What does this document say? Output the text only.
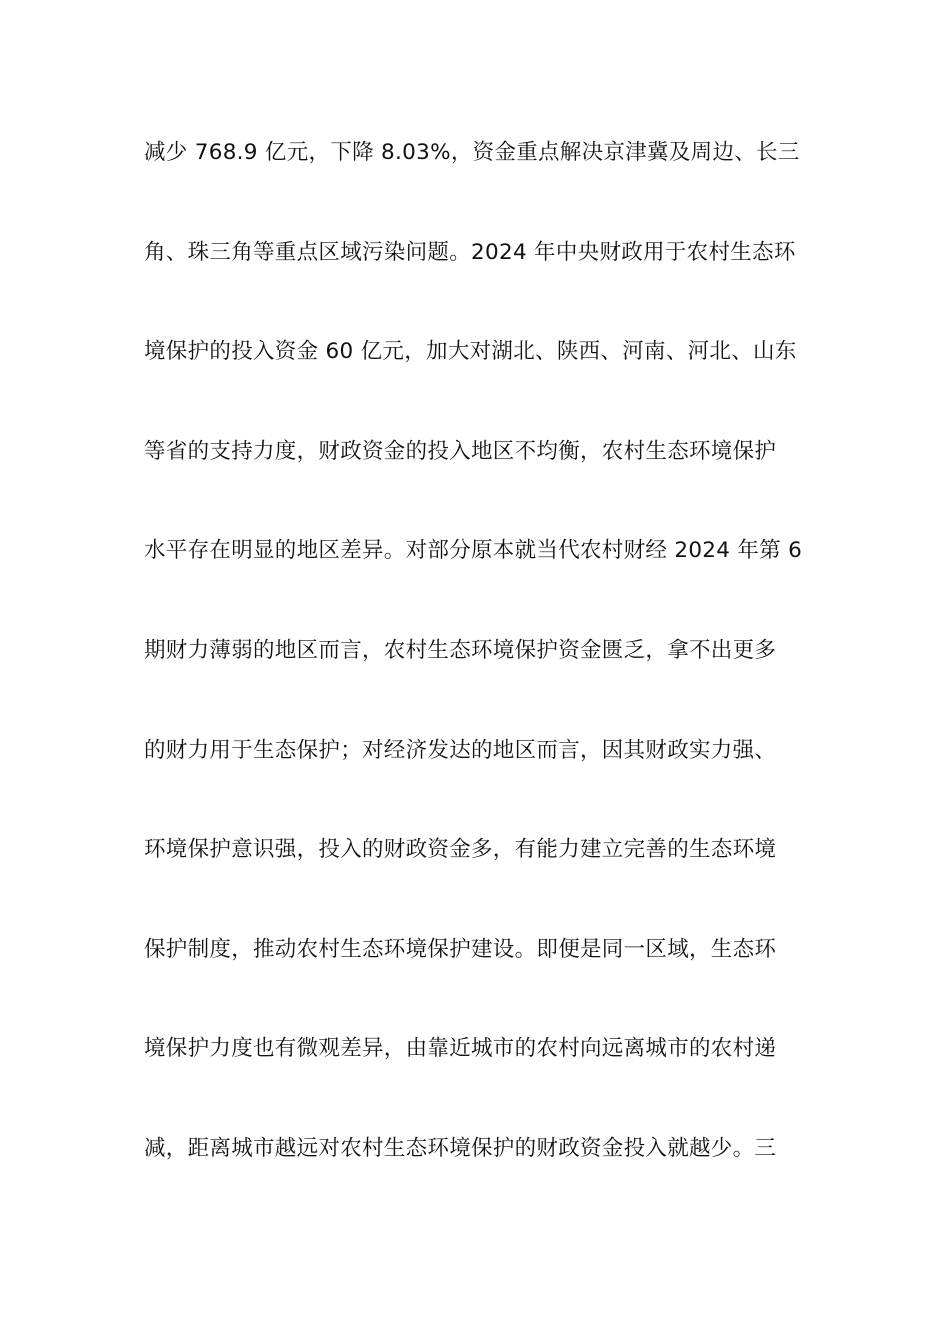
减少 768.9 亿元，下降 8.03%，资金重点解决京津冀及周边、长三
角、珠三角等重点区域污染问题。2024 年中央财政用于农村生态环
境保护的投入资金 60 亿元，加大对湖北、陕西、河南、河北、山东
等省的支持力度，财政资金的投入地区不均衡，农村生态环境保护
水平存在明显的地区差异。对部分原本就当代农村财经 2024 年第 6
期财力薄弱的地区而言，农村生态环境保护资金匮乏，拿不出更多
的财力用于生态保护；对经济发达的地区而言，因其财政实力强、
环境保护意识强，投入的财政资金多，有能力建立完善的生态环境
保护制度，推动农村生态环境保护建设。即便是同一区域，生态环
境保护力度也有微观差异，由靠近城市的农村向远离城市的农村递
减，距离城市越远对农村生态环境保护的财政资金投入就越少。三
